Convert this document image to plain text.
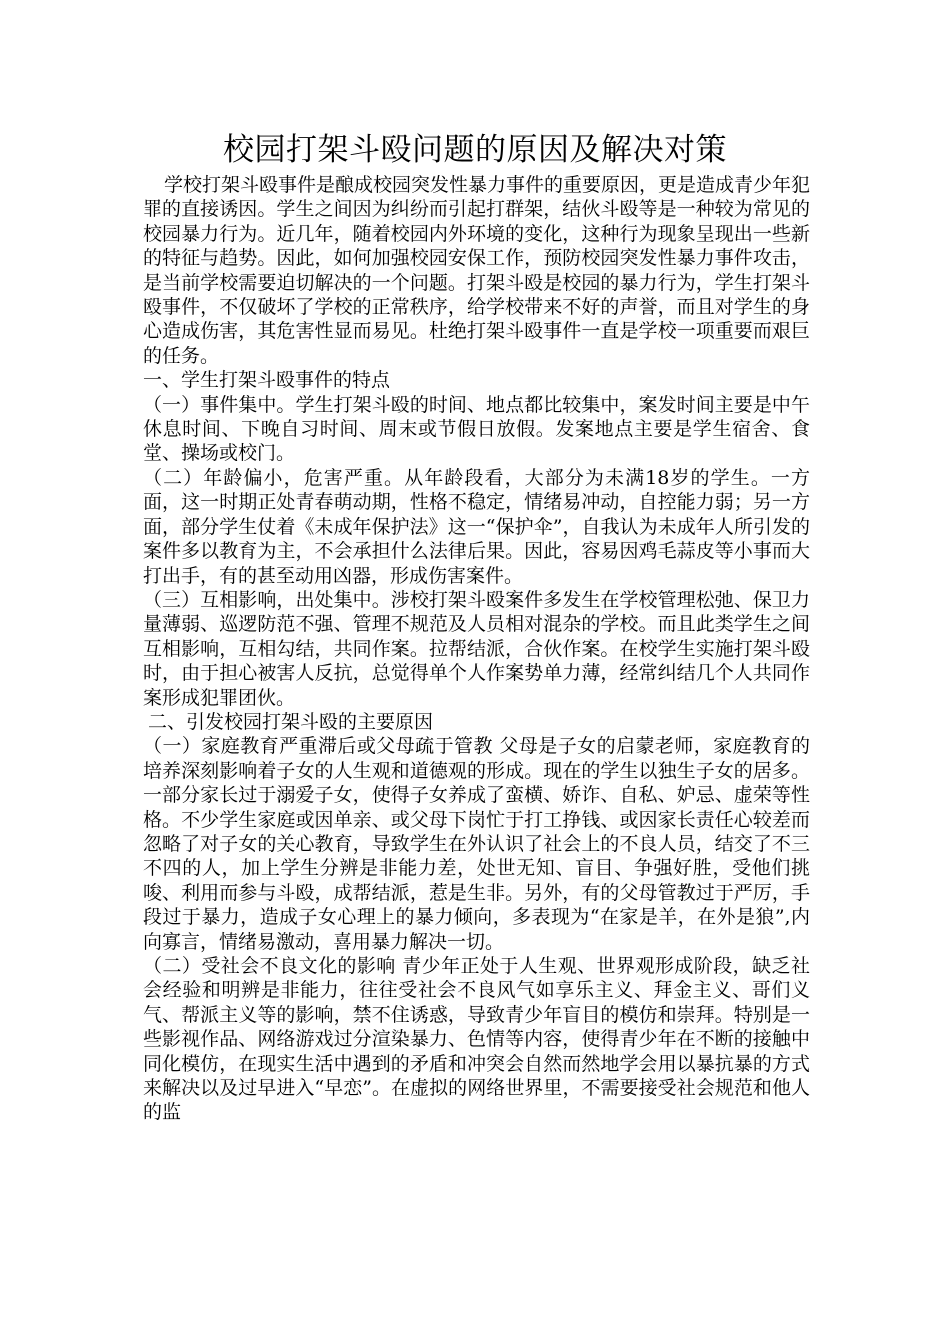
校园打架斗殴问题的原因及解决对策

学校打架斗殴事件是酿成校园突发性暴力事件的重要原因，更是造成青少年犯罪的直接诱因。学生之间因为纠纷而引起打群架，结伙斗殴等是一种较为常见的校园暴力行为。近几年，随着校园内外环境的变化，这种行为现象呈现出一些新的特征与趋势。因此，如何加强校园安保工作，预防校园突发性暴力事件攻击，是当前学校需要迫切解决的一个问题。打架斗殴是校园的暴力行为，学生打架斗殴事件，不仅破坏了学校的正常秩序，给学校带来不好的声誉，而且对学生的身心造成伤害，其危害性显而易见。杜绝打架斗殴事件一直是学校一项重要而艰巨的任务。

一、学生打架斗殴事件的特点

（一）事件集中。学生打架斗殴的时间、地点都比较集中，案发时间主要是中午休息时间、下晚自习时间、周末或节假日放假。发案地点主要是学生宿舍、食堂、操场或校门。

（二）年龄偏小，危害严重。从年龄段看，大部分为未满18岁的学生。一方面，这一时期正处青春萌动期，性格不稳定，情绪易冲动，自控能力弱；另一方面，部分学生仗着《未成年保护法》这一“保护伞”，自我认为未成年人所引发的案件多以教育为主，不会承担什么法律后果。因此，容易因鸡毛蒜皮等小事而大打出手，有的甚至动用凶器，形成伤害案件。

（三）互相影响，出处集中。涉校打架斗殴案件多发生在学校管理松弛、保卫力量薄弱、巡逻防范不强、管理不规范及人员相对混杂的学校。而且此类学生之间互相影响，互相勾结，共同作案。拉帮结派，合伙作案。在校学生实施打架斗殴时，由于担心被害人反抗，总觉得单个人作案势单力薄，经常纠结几个人共同作案形成犯罪团伙。

二、引发校园打架斗殴的主要原因

（一）家庭教育严重滞后或父母疏于管教 父母是子女的启蒙老师，家庭教育的培养深刻影响着子女的人生观和道德观的形成。现在的学生以独生子女的居多。一部分家长过于溺爱子女，使得子女养成了蛮横、娇诈、自私、妒忌、虚荣等性格。不少学生家庭或因单亲、或父母下岗忙于打工挣钱、或因家长责任心较差而忽略了对子女的关心教育，导致学生在外认识了社会上的不良人员，结交了不三不四的人，加上学生分辨是非能力差，处世无知、盲目、争强好胜，受他们挑唆、利用而参与斗殴，成帮结派，惹是生非。另外，有的父母管教过于严厉，手段过于暴力，造成子女心理上的暴力倾向，多表现为“在家是羊，在外是狼”,内向寡言，情绪易激动，喜用暴力解决一切。

（二）受社会不良文化的影响 青少年正处于人生观、世界观形成阶段，缺乏社会经验和明辨是非能力，往往受社会不良风气如享乐主义、拜金主义、哥们义气、帮派主义等的影响，禁不住诱惑，导致青少年盲目的模仿和崇拜。特别是一些影视作品、网络游戏过分渲染暴力、色情等内容，使得青少年在不断的接触中同化模仿，在现实生活中遇到的矛盾和冲突会自然而然地学会用以暴抗暴的方式来解决以及过早进入“早恋”。在虚拟的网络世界里，不需要接受社会规范和他人的监
